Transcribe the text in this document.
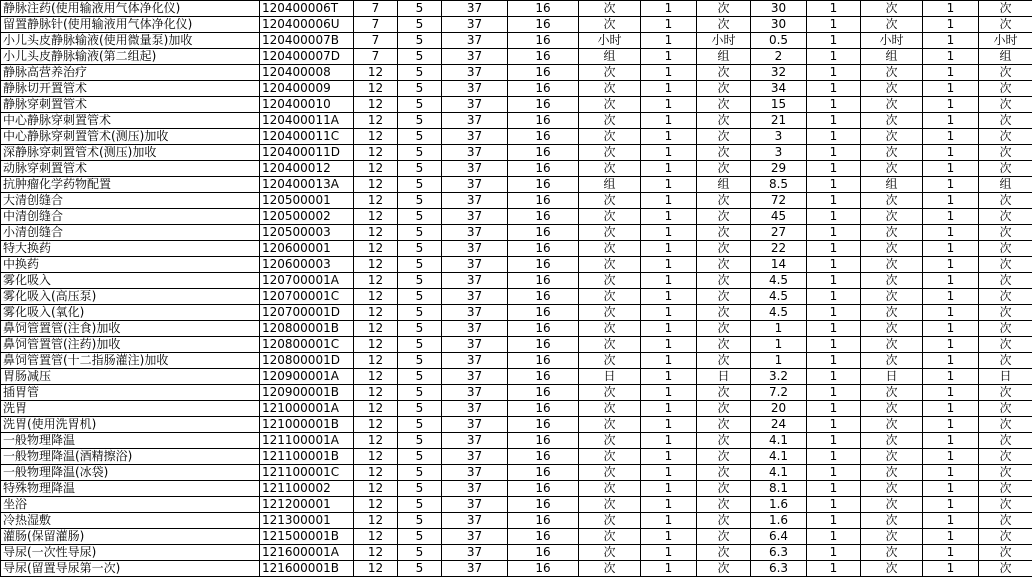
静脉注药(使用输液用气体净化仪)	120400006T	7	5	37	16	次	1	次	30	1	次	1	次
留置静脉针(使用输液用气体净化仪)	120400006U	7	5	37	16	次	1	次	30	1	次	1	次
小儿头皮静脉输液(使用微量泵)加收	120400007B	7	5	37	16	小时	1	小时	0.5	1	小时	1	小时
小儿头皮静脉输液(第二组起)	120400007D	7	5	37	16	组	1	组	2	1	组	1	组
静脉高营养治疗	120400008	12	5	37	16	次	1	次	32	1	次	1	次
静脉切开置管术	120400009	12	5	37	16	次	1	次	34	1	次	1	次
静脉穿刺置管术	120400010	12	5	37	16	次	1	次	15	1	次	1	次
中心静脉穿刺置管术	120400011A	12	5	37	16	次	1	次	21	1	次	1	次
中心静脉穿刺置管术(测压)加收	120400011C	12	5	37	16	次	1	次	3	1	次	1	次
深静脉穿刺置管术(测压)加收	120400011D	12	5	37	16	次	1	次	3	1	次	1	次
动脉穿刺置管术	120400012	12	5	37	16	次	1	次	29	1	次	1	次
抗肿瘤化学药物配置	120400013A	12	5	37	16	组	1	组	8.5	1	组	1	组
大清创缝合	120500001	12	5	37	16	次	1	次	72	1	次	1	次
中清创缝合	120500002	12	5	37	16	次	1	次	45	1	次	1	次
小清创缝合	120500003	12	5	37	16	次	1	次	27	1	次	1	次
特大换药	120600001	12	5	37	16	次	1	次	22	1	次	1	次
中换药	120600003	12	5	37	16	次	1	次	14	1	次	1	次
雾化吸入	120700001A	12	5	37	16	次	1	次	4.5	1	次	1	次
雾化吸入(高压泵)	120700001C	12	5	37	16	次	1	次	4.5	1	次	1	次
雾化吸入(氧化)	120700001D	12	5	37	16	次	1	次	4.5	1	次	1	次
鼻饲管置管(注食)加收	120800001B	12	5	37	16	次	1	次	1	1	次	1	次
鼻饲管置管(注药)加收	120800001C	12	5	37	16	次	1	次	1	1	次	1	次
鼻饲管置管(十二指肠灌注)加收	120800001D	12	5	37	16	次	1	次	1	1	次	1	次
胃肠减压	120900001A	12	5	37	16	日	1	日	3.2	1	日	1	日
插胃管	120900001B	12	5	37	16	次	1	次	7.2	1	次	1	次
洗胃	121000001A	12	5	37	16	次	1	次	20	1	次	1	次
洗胃(使用洗胃机)	121000001B	12	5	37	16	次	1	次	24	1	次	1	次
一般物理降温	121100001A	12	5	37	16	次	1	次	4.1	1	次	1	次
一般物理降温(酒精擦浴)	121100001B	12	5	37	16	次	1	次	4.1	1	次	1	次
一般物理降温(冰袋)	121100001C	12	5	37	16	次	1	次	4.1	1	次	1	次
特殊物理降温	121100002	12	5	37	16	次	1	次	8.1	1	次	1	次
坐浴	121200001	12	5	37	16	次	1	次	1.6	1	次	1	次
冷热湿敷	121300001	12	5	37	16	次	1	次	1.6	1	次	1	次
灌肠(保留灌肠)	121500001B	12	5	37	16	次	1	次	6.4	1	次	1	次
导尿(一次性导尿)	121600001A	12	5	37	16	次	1	次	6.3	1	次	1	次
导尿(留置导尿第一次)	121600001B	12	5	37	16	次	1	次	6.3	1	次	1	次
